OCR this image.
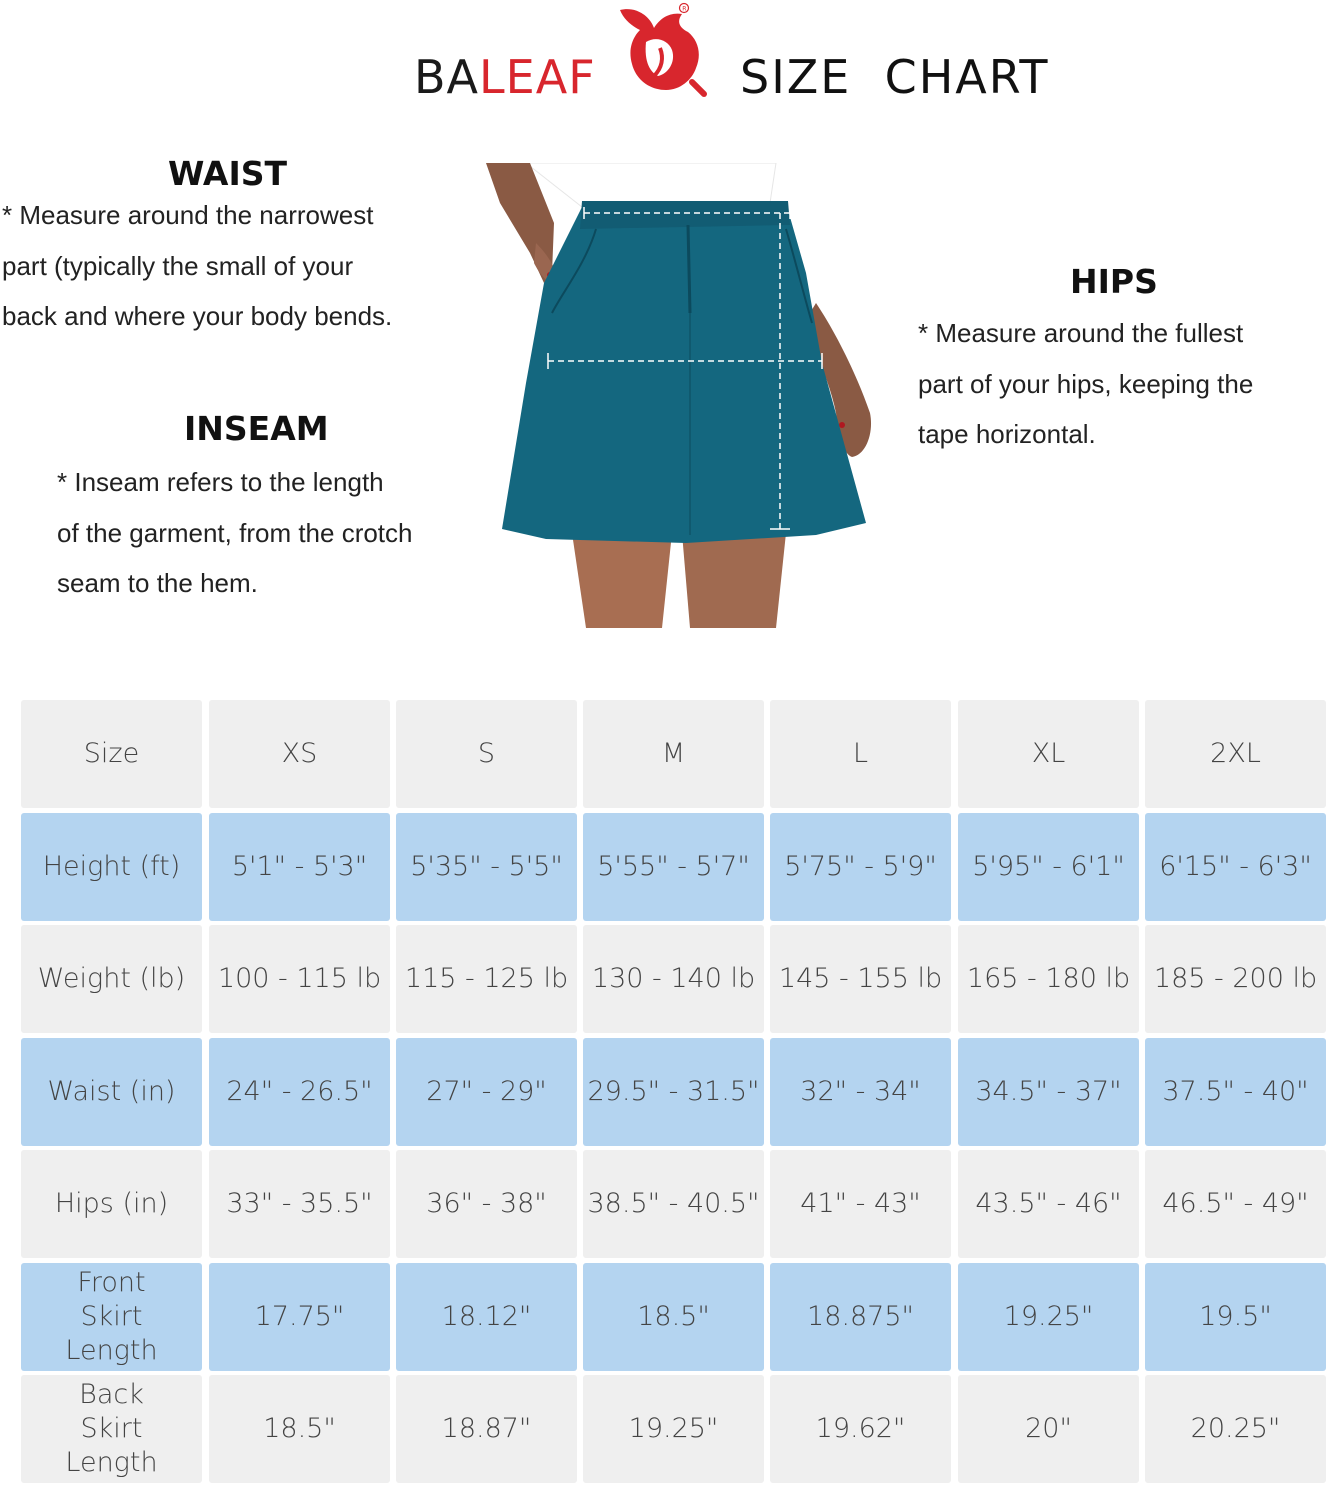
BALEAF
R
SIZE  CHART
WAIST
* Measure around the narrowest
part (typically the small of your
back and where your body bends.
INSEAM
* Inseam refers to the length
of the garment, from the crotch
seam to the hem.
HIPS
* Measure around the fullest
part of your hips, keeping the
tape horizontal.
Size	XS	S	M	L	XL	2XL
Height (ft)	5'1" - 5'3"	5'35" - 5'5"	5'55" - 5'7"	5'75" - 5'9"	5'95" - 6'1"	6'15" - 6'3"
Weight (lb)	100 - 115 lb 115 - 125 lb 130 - 140 lb 145 - 155 lb 165 - 180 lb 185 - 200 lb
Waist (in)	24" - 26.5"	27" - 29"	29.5" - 31.5"	32" - 34"	34.5" - 37"	37.5" - 40"
Hips (in)	33" - 35.5"	36" - 38"	38.5" - 40.5"	41" - 43"	43.5" - 46"	46.5" - 49"
Front Skirt Length
17.75"	18.12"	18.5"	18.875"	19.25"	19.5"
Back Skirt Length
18.5"	18.87"	19.25"	19.62"	20"	20.25"
